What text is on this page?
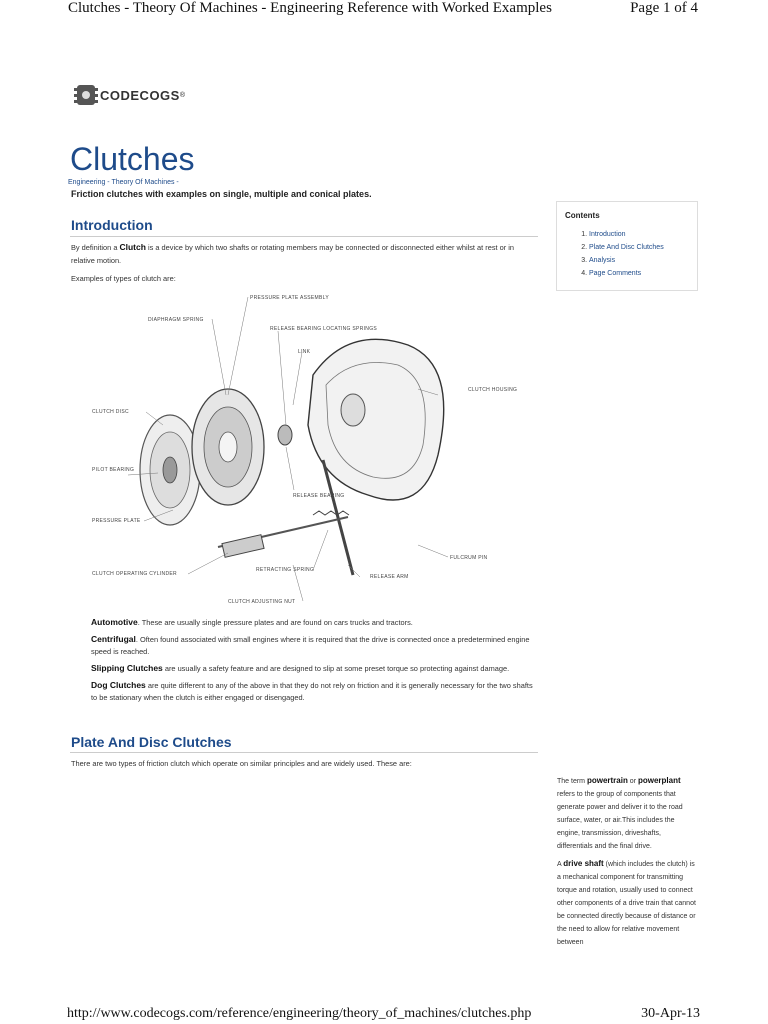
Clutches - Theory Of Machines - Engineering Reference with Worked Examples	Page 1 of 4
CODECOGS ®
Clutches
Engineering - Theory Of Machines -
Friction clutches with examples on single, multiple and conical plates.
Introduction
By definition a Clutch is a device by which two shafts or rotating members may be connected or disconnected either whilst at rest or in relative motion.
Examples of types of clutch are:
PRESSURE PLATE ASSEMBLY
DIAPHRAGM SPRING
RELEASE BEARING LOCATING SPRINGS
LINK
CLUTCH DISC
CLUTCH HOUSING
PILOT BEARING
RELEASE BEARING
PRESSURE PLATE
FULCRUM PIN
CLUTCH OPERATING CYLINDER
RETRACTING SPRING
RELEASE ARM
CLUTCH ADJUSTING NUT

Automotive. These are usually single pressure plates and are found on cars trucks and tractors.

Centrifugal. Often found associated with small engines where it is required that the drive is connected once a predetermined engine speed is reached.

Slipping Clutches are usually a safety feature and are designed to slip at some preset torque so protecting against damage.

Dog Clutches are quite different to any of the above in that they do not rely on friction and it is generally necessary for the two shafts to be stationary when the clutch is either engaged or disengaged.

Plate And Disc Clutches
There are two types of friction clutch which operate on similar principles and are widely used. These are:
Contents
1. Introduction
2. Plate And Disc Clutches
3. Analysis
4. Page Comments

The term powertrain or powerplant refers to the group of components that generate power and deliver it to the road surface, water, or air.This includes the engine, transmission, driveshafts, differentials and the final drive.

A drive shaft (which includes the clutch) is a mechanical component for transmitting torque and rotation, usually used to connect other components of a drive train that cannot be connected directly because of distance or the need to allow for relative movement between

http://www.codecogs.com/reference/engineering/theory_of_machines/clutches.php	30-Apr-13
